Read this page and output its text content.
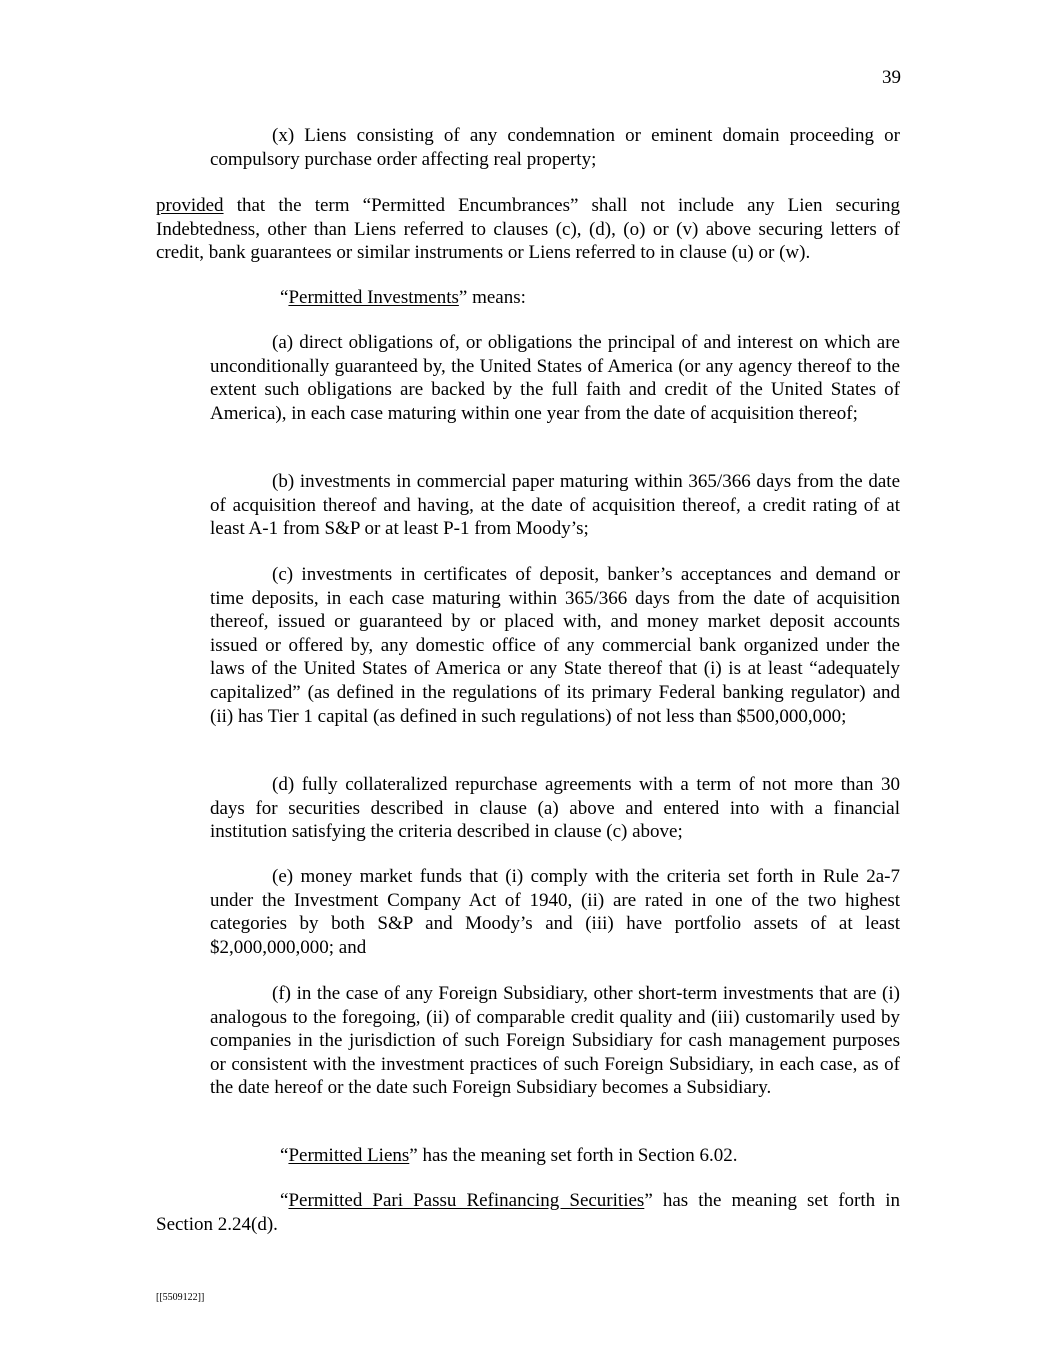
39

(x) Liens consisting of any condemnation or eminent domain proceeding or compulsory purchase order affecting real property;

provided that the term “Permitted Encumbrances” shall not include any Lien securing Indebtedness, other than Liens referred to clauses (c), (d), (o) or (v) above securing letters of credit, bank guarantees or similar instruments or Liens referred to in clause (u) or (w).

“Permitted Investments” means:

(a) direct obligations of, or obligations the principal of and interest on which are unconditionally guaranteed by, the United States of America (or any agency thereof to the extent such obligations are backed by the full faith and credit of the United States of America), in each case maturing within one year from the date of acquisition thereof;

(b) investments in commercial paper maturing within 365/366 days from the date of acquisition thereof and having, at the date of acquisition thereof, a credit rating of at least A-1 from S&P or at least P-1 from Moody’s;

(c) investments in certificates of deposit, banker’s acceptances and demand or time deposits, in each case maturing within 365/366 days from the date of acquisition thereof, issued or guaranteed by or placed with, and money market deposit accounts issued or offered by, any domestic office of any commercial bank organized under the laws of the United States of America or any State thereof that (i) is at least “adequately capitalized” (as defined in the regulations of its primary Federal banking regulator) and (ii) has Tier 1 capital (as defined in such regulations) of not less than $500,000,000;

(d) fully collateralized repurchase agreements with a term of not more than 30 days for securities described in clause (a) above and entered into with a financial institution satisfying the criteria described in clause (c) above;

(e) money market funds that (i) comply with the criteria set forth in Rule 2a-7 under the Investment Company Act of 1940, (ii) are rated in one of the two highest categories by both S&P and Moody’s and (iii) have portfolio assets of at least $2,000,000,000; and

(f) in the case of any Foreign Subsidiary, other short-term investments that are (i) analogous to the foregoing, (ii) of comparable credit quality and (iii) customarily used by companies in the jurisdiction of such Foreign Subsidiary for cash management purposes or consistent with the investment practices of such Foreign Subsidiary, in each case, as of the date hereof or the date such Foreign Subsidiary becomes a Subsidiary.

“Permitted Liens” has the meaning set forth in Section 6.02.

“Permitted Pari Passu Refinancing Securities” has the meaning set forth in Section 2.24(d).

[[5509122]]
